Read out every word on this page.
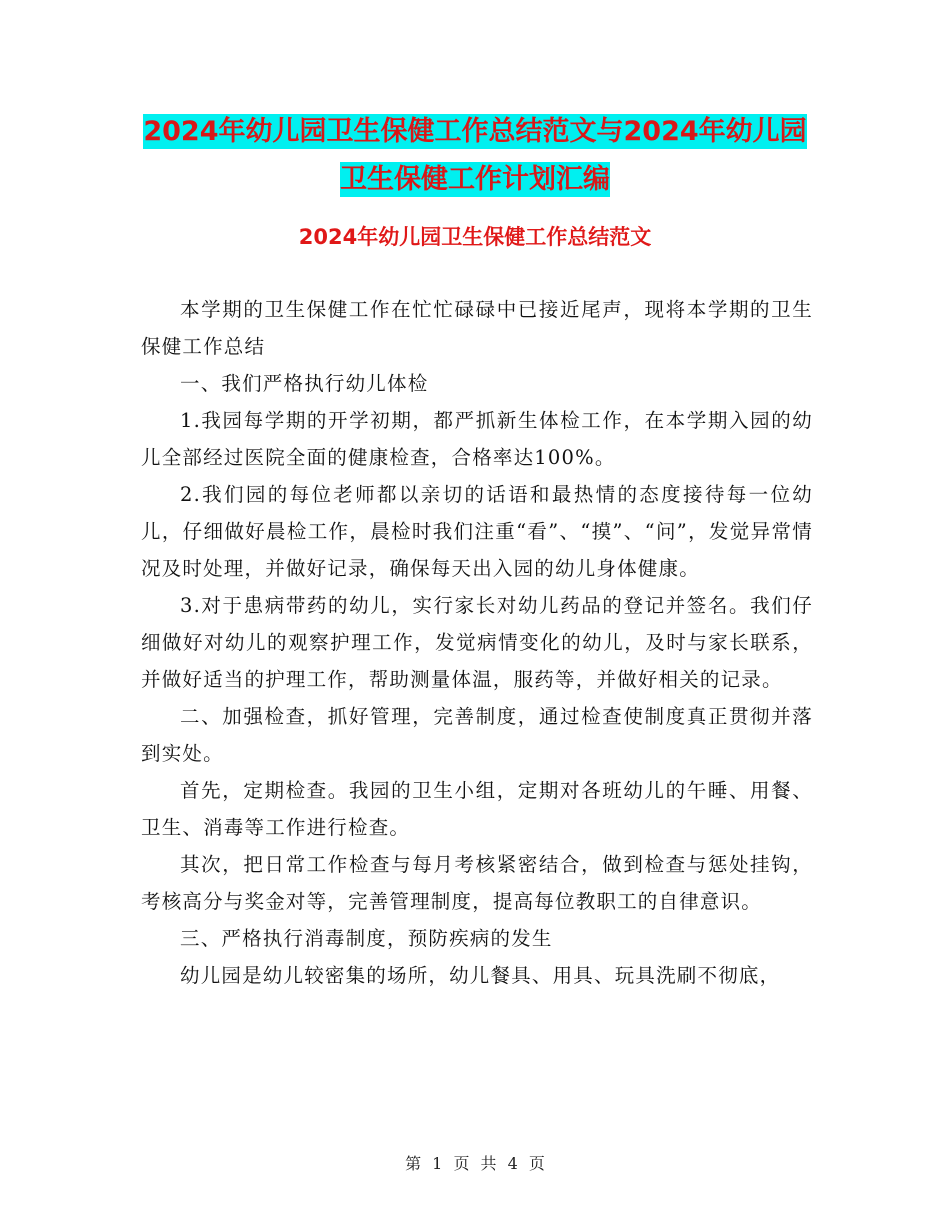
2024年幼儿园卫生保健工作总结范文与2024年幼儿园
卫生保健工作计划汇编
2024年幼儿园卫生保健工作总结范文

本学期的卫生保健工作在忙忙碌碌中已接近尾声，现将本学期的卫生保健工作总结

一、我们严格执行幼儿体检

1.我园每学期的开学初期，都严抓新生体检工作，在本学期入园的幼儿全部经过医院全面的健康检查，合格率达100%。

2.我们园的每位老师都以亲切的话语和最热情的态度接待每一位幼儿，仔细做好晨检工作，晨检时我们注重“看”、“摸”、“问”，发觉异常情况及时处理，并做好记录，确保每天出入园的幼儿身体健康。

3.对于患病带药的幼儿，实行家长对幼儿药品的登记并签名。我们仔细做好对幼儿的观察护理工作，发觉病情变化的幼儿，及时与家长联系，并做好适当的护理工作，帮助测量体温，服药等，并做好相关的记录。

二、加强检查，抓好管理，完善制度，通过检查使制度真正贯彻并落到实处。

首先，定期检查。我园的卫生小组，定期对各班幼儿的午睡、用餐、卫生、消毒等工作进行检查。

其次，把日常工作检查与每月考核紧密结合，做到检查与惩处挂钩，考核高分与奖金对等，完善管理制度，提高每位教职工的自律意识。

三、严格执行消毒制度，预防疾病的发生

幼儿园是幼儿较密集的场所，幼儿餐具、用具、玩具洗刷不彻底，

第 1 页 共 4 页
